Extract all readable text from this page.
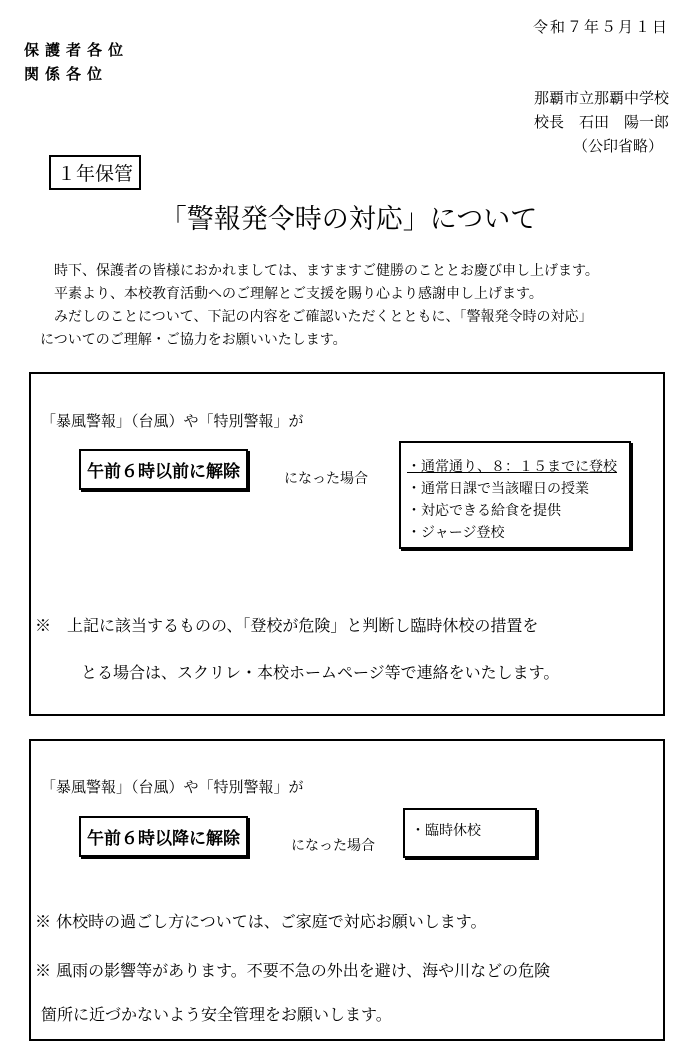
令和７年５月１日
保護者各位
関係各位
那覇市立那覇中学校
校長　石田　陽一郎
（公印省略）
１年保管
「警報発令時の対応」について
　時下、保護者の皆様におかれましては、ますますご健勝のこととお慶び申し上げます。
　平素より、本校教育活動へのご理解とご支援を賜り心より感謝申し上げます。
　みだしのことについて、下記の内容をご確認いただくとともに、「警報発令時の対応」
についてのご理解・ご協力をお願いいたします。
「暴風警報」（台風）や「特別警報」が
午前６時以前に解除	になった場合
・通常通り、８：１５までに登校
・通常日課で当該曜日の授業
・対応できる給食を提供
・ジャージ登校
※　上記に該当するものの、「登校が危険」と判断し臨時休校の措置を
とる場合は、スクリレ・本校ホームページ等で連絡をいたします。
「暴風警報」（台風）や「特別警報」が
午前６時以降に解除	になった場合
・臨時休校
※ 休校時の過ごし方については、ご家庭で対応お願いします。
※ 風雨の影響等があります。不要不急の外出を避け、海や川などの危険
箇所に近づかないよう安全管理をお願いします。
